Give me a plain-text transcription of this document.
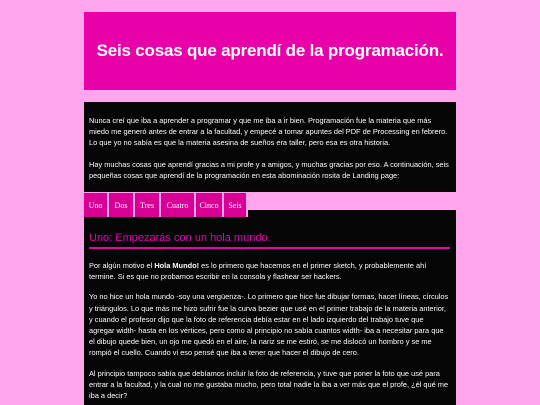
Seis cosas que aprendí de la programación.

Nunca creí que iba a aprender a programar y que me iba a ir bien. Programación fue la materia que más miedo me generó antes de entrar a la facultad, y empecé a tomar apuntes del PDF de Processing en febrero. Lo que yo no sabía es que la materia asesina de sueños era taller, pero esa es otra historia.

Hay muchas cosas que aprendí gracias a mi profe y a amigos, y muchas gracias por eso. A continuación, seis pequeñas cosas que aprendí de la programación en esta abominación rosita de Landing page:

Uno	Dos	Tres	Cuatro	Cinco	Seis
Uno: Empezarás con un hola mundo.

Por algún motivo el Hola Mundo! es lo primero que hacemos en el primer sketch, y probablemente ahí termine. Si es que no probamos escribir en la consola y flashear ser hackers.

Yo no hice un hola mundo -soy una vergüenza-. Lo primero que hice fue dibujar formas, hacer líneas, círculos y triángulos. Lo que más me hizo sufrir fue la curva bezier que usé en el primer trabajo de la materia anterior, y cuando el profesor dijo que la foto de referencia debía estar en el lado izquierdo del trabajo tuve que agregar width- hasta en los vértices, pero como al principio no sabía cuantos width- iba a necesitar para que el dibujo quede bien, un ojo me quedó en el aire, la nariz se me estiró, se me dislocó un hombro y se me rompió el cuello. Cuando vi eso pensé que iba a tener que hacer el dibujo de cero.

Al principio tampoco sabía que debíamos incluir la foto de referencia, y tuve que poner la foto que usé para entrar a la facultad, y la cual no me gustaba mucho, pero total nadie la iba a ver más que el profe, ¿él qué me iba a decir?
